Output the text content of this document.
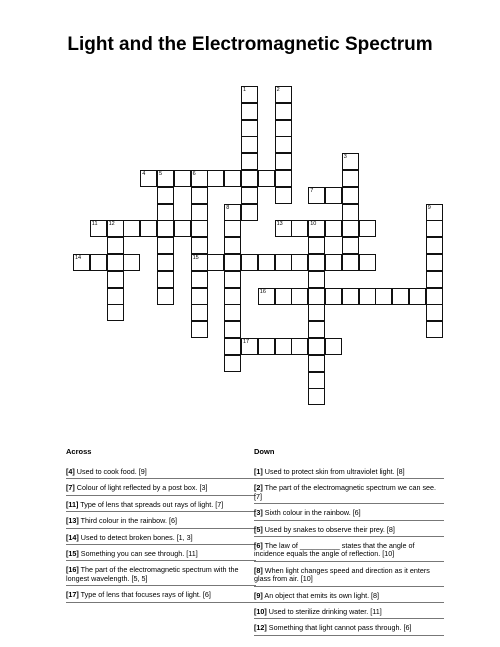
Light and the Electromagnetic Spectrum
4	5	6
7
11 12	13	10
14	15
16
17
1	2
3
8	9
Across
[4] Used to cook food. [9]
[7] Colour of light reflected by a post box. [3]
[11] Type of lens that spreads out rays of light. [7]
[13] Third colour in the rainbow. [6]
[14] Used to detect broken bones. [1, 3]
[15] Something you can see through. [11]
[16] The part of the electromagnetic spectrum with the longest wavelength. [5, 5]
[17] Type of lens that focuses rays of light. [6]
Down
[1] Used to protect skin from ultraviolet light. [8]
[2] The part of the electromagnetic spectrum we can see. [7]
[3] Sixth colour in the rainbow. [6]
[5] Used by snakes to observe their prey. [8]
[6] The law of __________ states that the angle of incidence equals the angle of reflection. [10]
[8] When light changes speed and direction as it enters glass from air. [10]
[9] An object that emits its own light. [8]
[10] Used to sterilize drinking water. [11]
[12] Something that light cannot pass through. [6]
